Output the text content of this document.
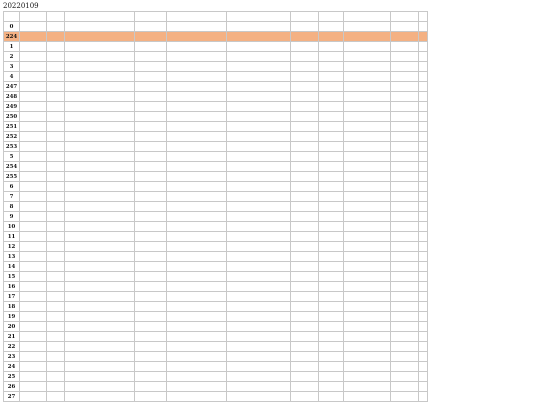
20220109

0											
224											
1											
2											
3											
4											
247											
248											
249											
250											
251											
252											
253											
5											
254											
255											
6											
7											
8											
9											
10											
11											
12											
13											
14											
15											
16											
17											
18											
19											
20											
21											
22											
23											
24											
25											
26											
27											
